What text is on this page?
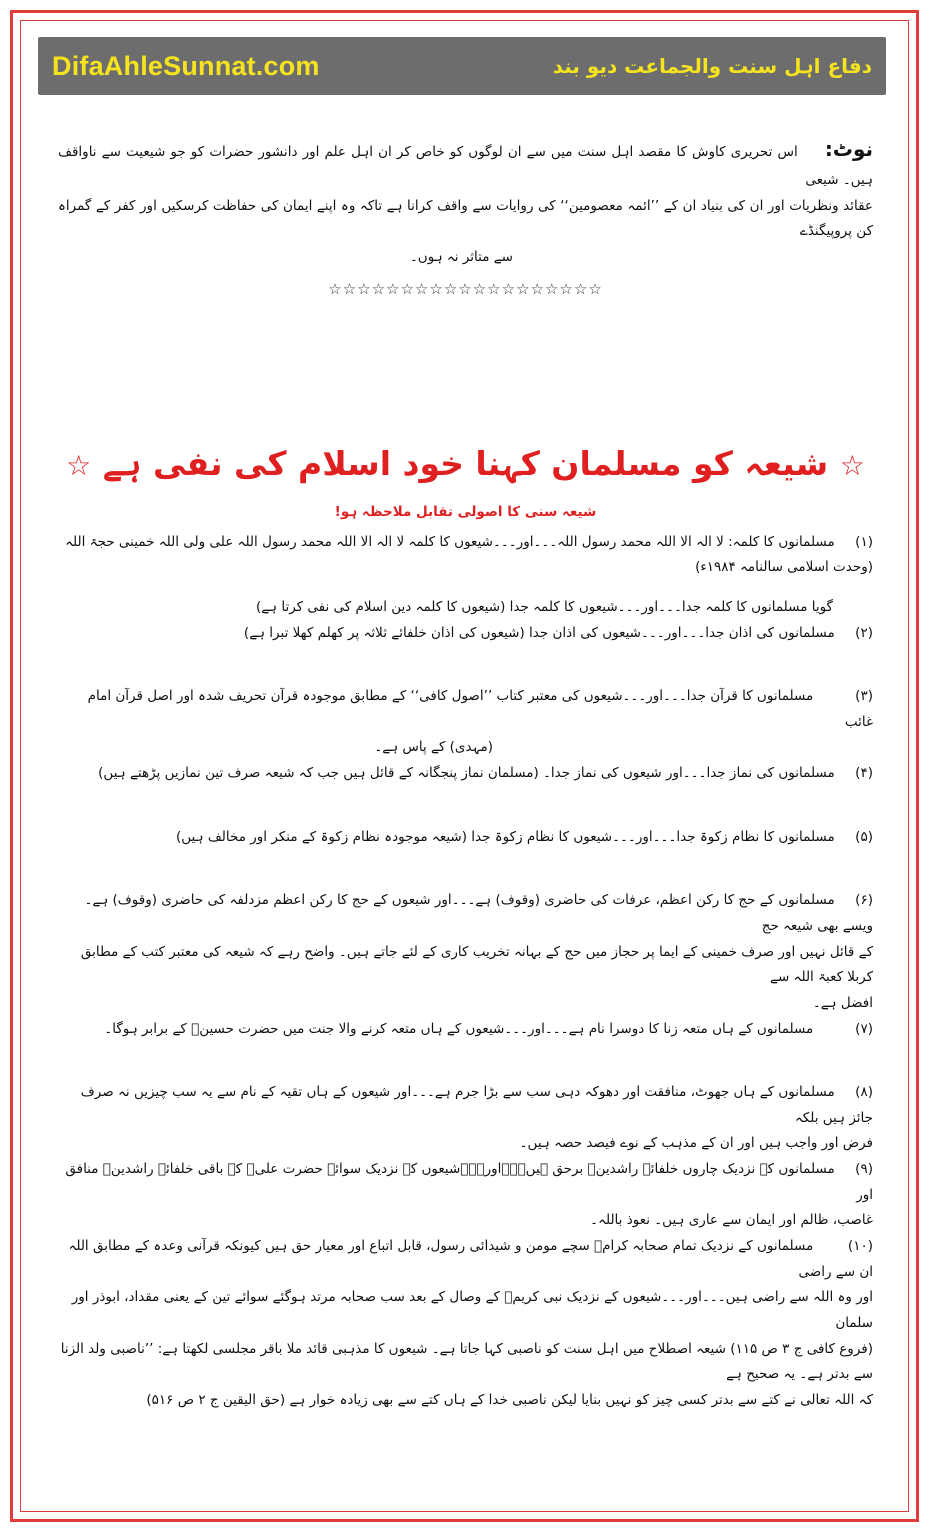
DifaAhleSunnat.com	دفاع اہل سنت والجماعت دیو بند

نوٹ: اس تحریری کاوش کا مقصد اہل سنت میں سے ان لوگوں کو خاص کر ان اہل علم اور دانشور حضرات کو جو شیعیت سے ناواقف ہیں۔ شیعی

عقائد ونظریات اور ان کی بنیاد ان کے ’’ائمہ معصومین‘‘ کی روایات سے واقف کرانا ہے تاکہ وہ اپنے ایمان کی حفاظت کرسکیں اور کفر کے گمراہ کن پروپیگنڈے

سے متاثر نہ ہوں۔

☆☆☆☆☆☆☆☆☆☆☆☆☆☆☆☆☆☆☆
☆ شیعہ کو مسلمان کہنا خود اسلام کی نفی ہے ☆
شیعہ سنی کا اصولی تقابل ملاحظہ ہو!

(۱) مسلمانوں کا کلمہ: لا الہ الا اللہ محمد رسول اللہ۔۔۔اور۔۔۔شیعوں کا کلمہ لا الہ الا اللہ محمد رسول اللہ علی ولی اللہ خمینی حجۃ اللہ (وحدت اسلامی سالنامہ ۱۹۸۴ء)

گویا مسلمانوں کا کلمہ جدا۔۔۔اور۔۔۔شیعوں کا کلمہ جدا (شیعوں کا کلمہ دین اسلام کی نفی کرتا ہے)

(۲) مسلمانوں کی اذان جدا۔۔۔اور۔۔۔شیعوں کی اذان جدا (شیعوں کی اذان خلفائے ثلاثہ پر کھلم کھلا تبرا ہے)

(۳)      مسلمانوں کا قرآن جدا۔۔۔اور۔۔۔شیعوں کی معتبر کتاب ’’اصول کافی‘‘ کے مطابق موجودہ قرآن تحریف شدہ اور اصل قرآن امام غائب

(مہدی) کے پاس ہے۔

(۴) مسلمانوں کی نماز جدا۔۔۔اور شیعوں کی نماز جدا۔ (مسلمان نماز پنجگانہ کے قائل ہیں جب کہ شیعہ صرف تین نمازیں پڑھتے ہیں)

(۵) مسلمانوں کا نظام زکوۃ جدا۔۔۔اور۔۔۔شیعوں کا نظام زکوۃ جدا (شیعہ موجودہ نظام زکوۃ کے منکر اور مخالف ہیں)

(۶) مسلمانوں کے حج کا رکن اعظم، عرفات کی حاضری (وقوف) ہے۔۔۔اور شیعوں کے حج کا رکن اعظم مزدلفہ کی حاضری (وقوف) ہے۔ ویسے بھی شیعہ حج

کے قائل نہیں اور صرف خمینی کے ایما پر حجاز میں حج کے بہانہ تخریب کاری کے لئے جاتے ہیں۔ واضح رہے کہ شیعہ کی معتبر کتب کے مطابق کربلا کعبۃ اللہ سے

افضل ہے۔

(۷)      مسلمانوں کے ہاں متعہ زنا کا دوسرا نام ہے۔۔۔اور۔۔۔شیعوں کے ہاں متعہ کرنے والا جنت میں حضرت حسینؓ کے برابر ہوگا۔

(۸) مسلمانوں کے ہاں جھوٹ، منافقت اور دھوکہ دہی سب سے بڑا جرم ہے۔۔۔اور شیعوں کے ہاں تقیہ کے نام سے یہ سب چیزیں نہ صرف جائز ہیں بلکہ

فرض اور واجب ہیں اور ان کے مذہب کے نوے فیصد حصہ ہیں۔

(۹) مسلمانوں کے نزدیک چاروں خلفائے راشدینؓ برحق ہیں۔۔۔اور۔۔۔شیعوں کے نزدیک سوائے حضرت علیؓ کے باقی خلفائے راشدینؓ منافق اور

غاصب، ظالم اور ایمان سے عاری ہیں۔ نعوذ باللہ۔

(۱۰)      مسلمانوں کے نزدیک تمام صحابہ کرامؓ سچے مومن و شیدائی رسول، قابل اتباع اور معیار حق ہیں کیونکہ قرآنی وعدہ کے مطابق اللہ ان سے راضی

اور وہ اللہ سے راضی ہیں۔۔۔اور۔۔۔شیعوں کے نزدیک نبی کریمؐ کے وصال کے بعد سب صحابہ مرتد ہوگئے سوائے تین کے یعنی مقداد، ابوذر اور سلمان

(فروع کافی ج ۳ ص ۱۱۵) شیعہ اصطلاح میں اہل سنت کو ناصبی کہا جاتا ہے۔ شیعوں کا مذہبی قائد ملا باقر مجلسی لکھتا ہے: ’’ناصبی ولد الزنا سے بدتر ہے۔ یہ صحیح ہے

کہ اللہ تعالی نے کتے سے بدتر کسی چیز کو نہیں بنایا لیکن ناصبی خدا کے ہاں کتے سے بھی زیادہ خوار ہے (حق الیقین ج ۲ ص ۵۱۶)
